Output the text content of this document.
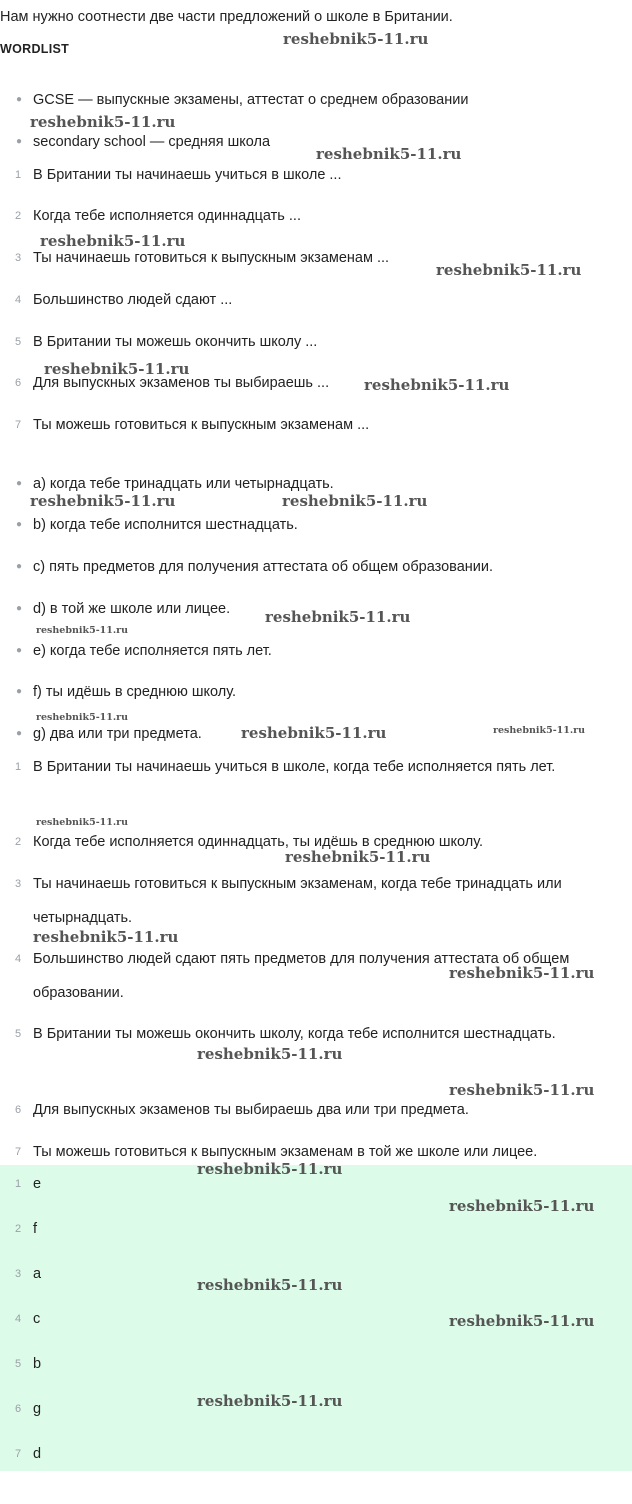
Нам нужно соотнести две части предложений о школе в Британии.
WORDLIST
● GCSE — выпускные экзамены, аттестат о среднем образовании
● secondary school — средняя школа
1 В Британии ты начинаешь учиться в школе ...
2 Когда тебе исполняется одиннадцать ...
3 Ты начинаешь готовиться к выпускным экзаменам ...
4 Большинство людей сдают ...
5 В Британии ты можешь окончить школу ...
6 Для выпускных экзаменов ты выбираешь ...
7 Ты можешь готовиться к выпускным экзаменам ...
● a) когда тебе тринадцать или четырнадцать.
● b) когда тебе исполнится шестнадцать.
● c) пять предметов для получения аттестата об общем образовании.
● d) в той же школе или лицее.
● e) когда тебе исполняется пять лет.
● f) ты идёшь в среднюю школу.
● g) два или три предмета.
1 В Британии ты начинаешь учиться в школе, когда тебе исполняется пять лет.
2 Когда тебе исполняется одиннадцать, ты идёшь в среднюю школу.
3 Ты начинаешь готовиться к выпускным экзаменам, когда тебе тринадцать или четырнадцать.
4 Большинство людей сдают пять предметов для получения аттестата об общем образовании.
5 В Британии ты можешь окончить школу, когда тебе исполнится шестнадцать.
6 Для выпускных экзаменов ты выбираешь два или три предмета.
7 Ты можешь готовиться к выпускным экзаменам в той же школе или лицее.
1 e
2 f
3 a
4 c
5 b
6 g
7 d
reshebnik5-11.ru
reshebnik5-11.ru
reshebnik5-11.ru
reshebnik5-11.ru
reshebnik5-11.ru
reshebnik5-11.ru
reshebnik5-11.ru
reshebnik5-11.ru	reshebnik5-11.ru
reshebnik5-11.ru
reshebnik5-11.ru
reshebnik5-11.ru
reshebnik5-11.ru	reshebnik5-11.ru
reshebnik5-11.ru
reshebnik5-11.ru
reshebnik5-11.ru
reshebnik5-11.ru
reshebnik5-11.ru
reshebnik5-11.ru
reshebnik5-11.ru
reshebnik5-11.ru
reshebnik5-11.ru
reshebnik5-11.ru
reshebnik5-11.ru
